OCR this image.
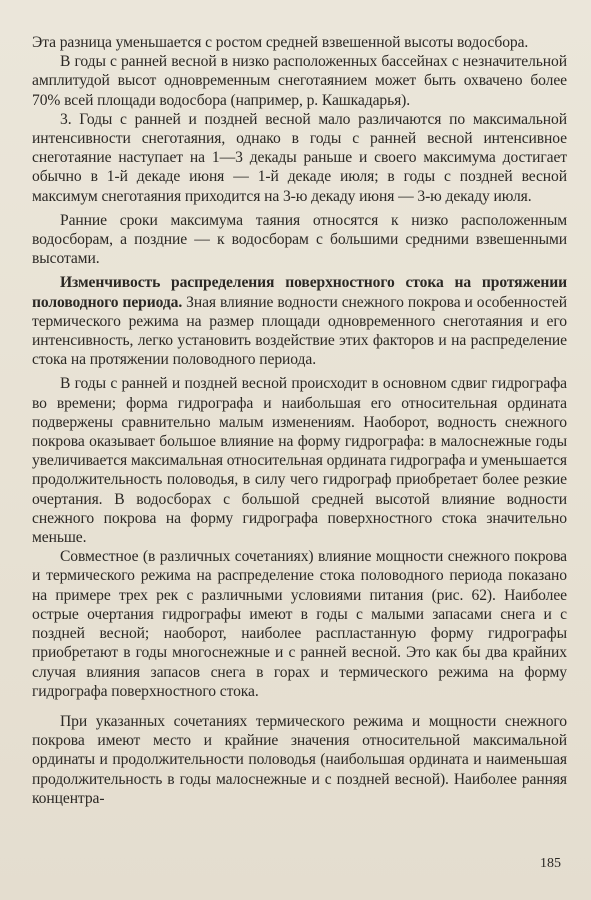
Эта разница уменьшается с ростом средней взвешенной высоты водосбора.

В годы с ранней весной в низко расположенных бассейнах с незначительной амплитудой высот одновременным снеготаянием может быть охвачено более 70% всей площади водосбора (например, р. Кашкадарья).

3. Годы с ранней и поздней весной мало различаются по максимальной интенсивности снеготаяния, однако в годы с ранней весной интенсивное снеготаяние наступает на 1—3 декады раньше и своего максимума достигает обычно в 1-й декаде июня — 1-й декаде июля; в годы с поздней весной максимум снеготаяния приходится на 3-ю декаду июня — 3-ю декаду июля.

Ранние сроки максимума таяния относятся к низко расположенным водосборам, а поздние — к водосборам с большими средними взвешенными высотами.

Изменчивость распределения поверхностного стока на протяжении половодного периода. Зная влияние водности снежного покрова и особенностей термического режима на размер площади одновременного снеготаяния и его интенсивность, легко установить воздействие этих факторов и на распределение стока на протяжении половодного периода.

В годы с ранней и поздней весной происходит в основном сдвиг гидрографа во времени; форма гидрографа и наибольшая его относительная ордината подвержены сравнительно малым изменениям. Наоборот, водность снежного покрова оказывает большое влияние на форму гидрографа: в малоснежные годы увеличивается максимальная относительная ордината гидрографа и уменьшается продолжительность половодья, в силу чего гидрограф приобретает более резкие очертания. В водосборах с большой средней высотой влияние водности снежного покрова на форму гидрографа поверхностного стока значительно меньше.

Совместное (в различных сочетаниях) влияние мощности снежного покрова и термического режима на распределение стока половодного периода показано на примере трех рек с различными условиями питания (рис. 62). Наиболее острые очертания гидрографы имеют в годы с малыми запасами снега и с поздней весной; наоборот, наиболее распластанную форму гидрографы приобретают в годы многоснежные и с ранней весной. Это как бы два крайних случая влияния запасов снега в горах и термического режима на форму гидрографа поверхностного стока.

При указанных сочетаниях термического режима и мощности снежного покрова имеют место и крайние значения относительной максимальной ординаты и продолжительности половодья (наибольшая ордината и наименьшая продолжительность в годы малоснежные и с поздней весной). Наиболее ранняя концентра-

185
